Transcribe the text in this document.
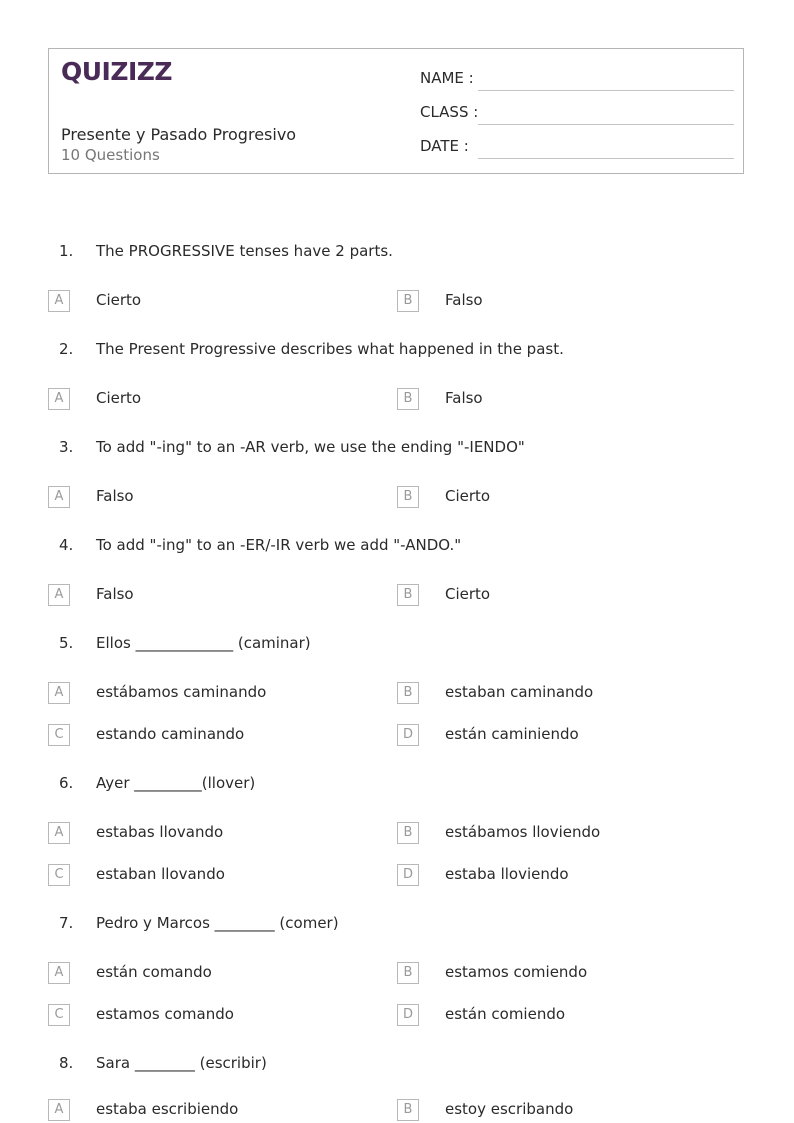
QUIZIZZ
Presente y Pasado Progresivo
10 Questions
NAME :
CLASS :
DATE :
1. The PROGRESSIVE tenses have 2 parts.
A	Cierto	B	Falso
2. The Present Progressive describes what happened in the past.
A	Cierto	B	Falso
3. To add "-ing" to an -AR verb, we use the ending "-IENDO"
A	Falso	B	Cierto
4. To add "-ing" to an -ER/-IR verb we add "-ANDO."
A	Falso	B	Cierto
5. Ellos _____________ (caminar)
A	estábamos caminando	B	estaban caminando
C	estando caminando	D	están caminiendo
6. Ayer _________(llover)
A	estabas llovando	B	estábamos lloviendo
C	estaban llovando	D	estaba lloviendo
7. Pedro y Marcos ________ (comer)
A	están comando	B	estamos comiendo
C	estamos comando	D	están comiendo
8. Sara ________ (escribir)
A	estaba escribiendo	B	estoy escribando
